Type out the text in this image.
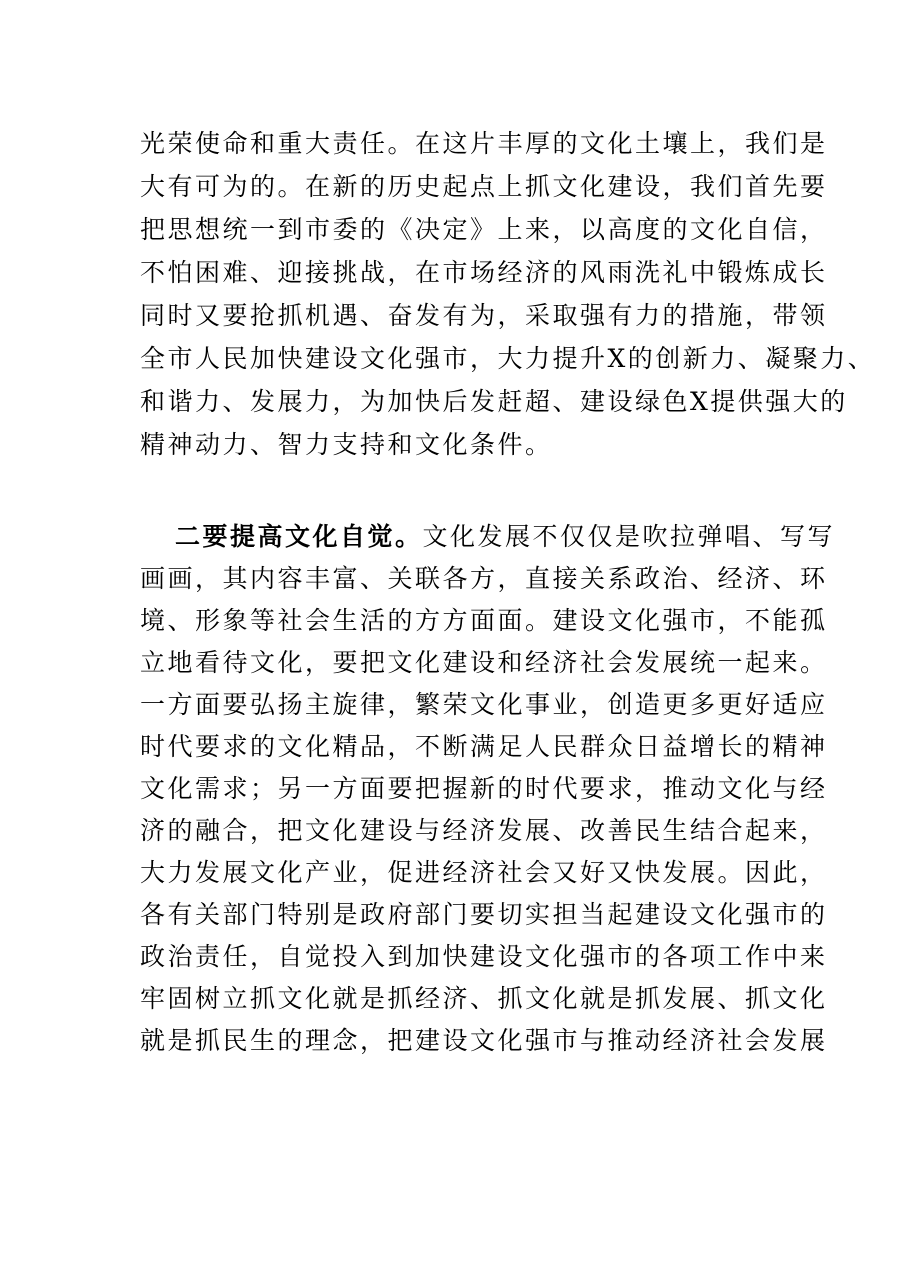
光荣使命和重大责任。在这片丰厚的文化土壤上，我们是
大有可为的。在新的历史起点上抓文化建设，我们首先要
把思想统一到市委的《决定》上来，以高度的文化自信，
不怕困难、迎接挑战，在市场经济的风雨洗礼中锻炼成长
同时又要抢抓机遇、奋发有为，采取强有力的措施，带领
全市人民加快建设文化强市，大力提升X的创新力、凝聚力、
和谐力、发展力，为加快后发赶超、建设绿色X提供强大的
精神动力、智力支持和文化条件。
二要提高文化自觉。文化发展不仅仅是吹拉弹唱、写写
画画，其内容丰富、关联各方，直接关系政治、经济、环
境、形象等社会生活的方方面面。建设文化强市，不能孤
立地看待文化，要把文化建设和经济社会发展统一起来。
一方面要弘扬主旋律，繁荣文化事业，创造更多更好适应
时代要求的文化精品，不断满足人民群众日益增长的精神
文化需求；另一方面要把握新的时代要求，推动文化与经
济的融合，把文化建设与经济发展、改善民生结合起来，
大力发展文化产业，促进经济社会又好又快发展。因此，
各有关部门特别是政府部门要切实担当起建设文化强市的
政治责任，自觉投入到加快建设文化强市的各项工作中来
牢固树立抓文化就是抓经济、抓文化就是抓发展、抓文化
就是抓民生的理念，把建设文化强市与推动经济社会发展
